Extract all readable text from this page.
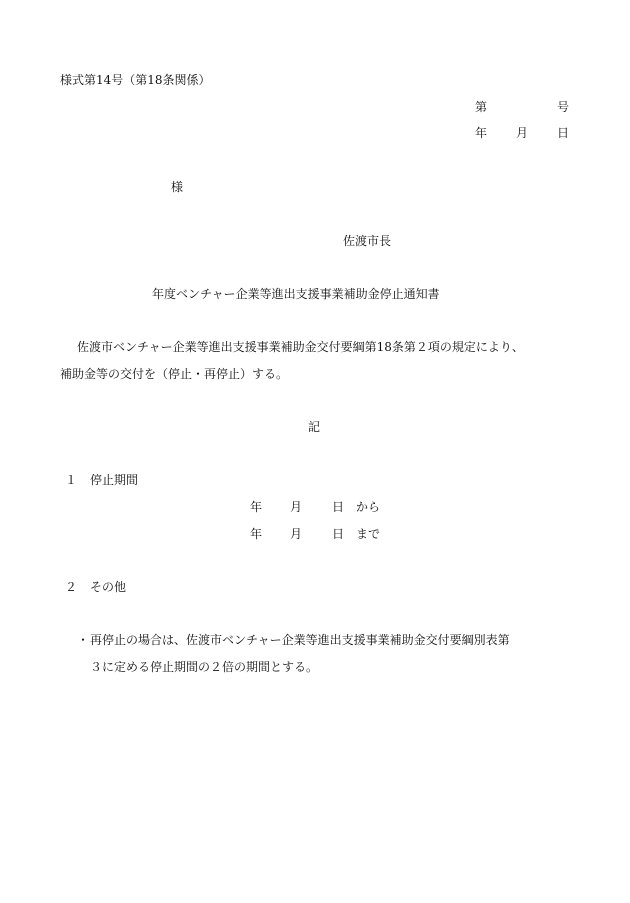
様式第14号（第18条関係）
第	号
年 月 日
様
佐渡市長
年度ベンチャー企業等進出支援事業補助金停止通知書
佐渡市ベンチャー企業等進出支援事業補助金交付要綱第18条第２項の規定により、
補助金等の交付を（停止・再停止）する。
記
１ 停止期間
年 月 日 から
年 月 日 まで
２ その他
・ 再停止の場合は、佐渡市ベンチャー企業等進出支援事業補助金交付要綱別表第
３に定める停止期間の２倍の期間とする。
